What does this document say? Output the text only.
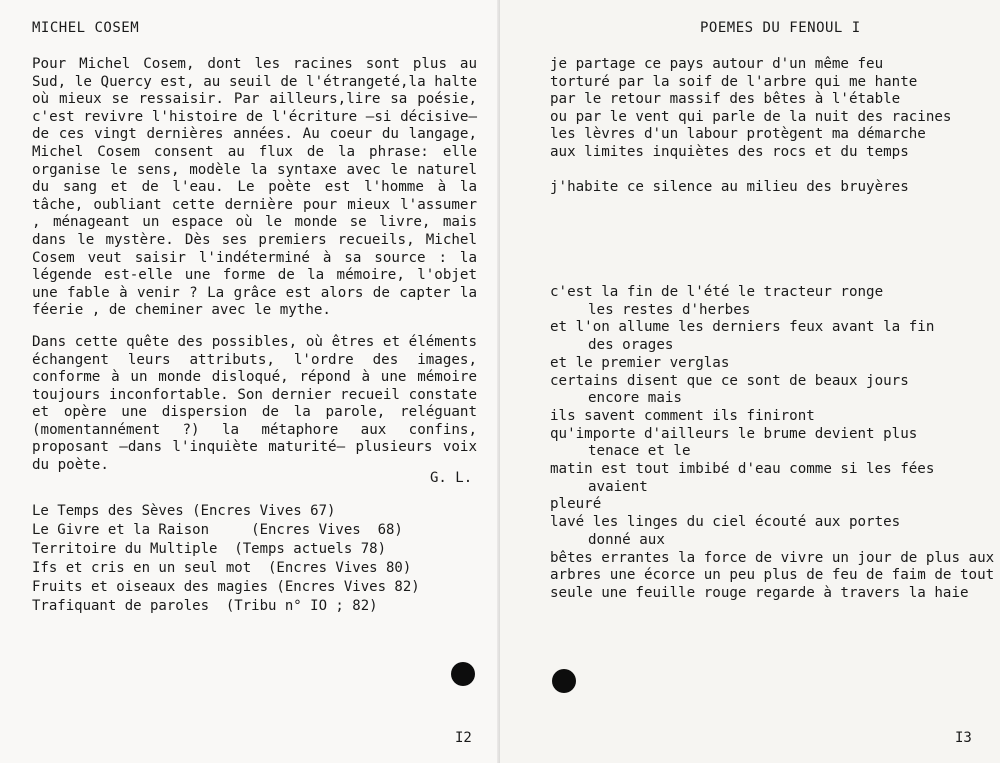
MICHEL COSEM

Pour Michel Cosem, dont les racines sont plus au Sud, le Quercy est, au seuil de l'étrangeté,la halte où mieux se ressaisir. Par ailleurs,lire sa poésie, c'est revivre l'histoire de l'écriture –si décisive– de ces vingt dernières années. Au coeur du langage, Michel Cosem consent au flux de la phrase: elle organise le sens, modèle la syntaxe avec le naturel du sang et de l'eau. Le poète est l'homme à la tâche, oubliant cette dernière pour mieux l'assumer , ménageant un espace où le monde se livre, mais dans le mystère. Dès ses premiers recueils, Michel Cosem veut saisir l'indéterminé à sa source : la légende est-elle une forme de la mémoire, l'objet une fable à venir ? La grâce est alors de capter la féerie , de cheminer avec le mythe.

Dans cette quête des possibles, où êtres et éléments échangent leurs attributs, l'ordre des images, conforme à un monde disloqué, répond à une mémoire toujours inconfortable. Son dernier recueil constate et opère une dispersion de la parole, reléguant (momentannément ?) la métaphore aux confins, proposant –dans l'inquiète maturité– plusieurs voix du poète.

G. L.
Le Temps des Sèves (Encres Vives 67)
Le Givre et la Raison     (Encres Vives  68)
Territoire du Multiple  (Temps actuels 78)
Ifs et cris en un seul mot  (Encres Vives 80)
Fruits et oiseaux des magies (Encres Vives 82)
Trafiquant de paroles  (Tribu n° IO ; 82)
I2
POEMES DU FENOUL I
je partage ce pays autour d'un même feu
torturé par la soif de l'arbre qui me hante
par le retour massif des bêtes à l'étable
ou par le vent qui parle de la nuit des racines
les lèvres d'un labour protègent ma démarche
aux limites inquiètes des rocs et du temps
j'habite ce silence au milieu des bruyères
c'est la fin de l'été le tracteur ronge
les restes d'herbes
et l'on allume les derniers feux avant la fin
des orages
et le premier verglas
certains disent que ce sont de beaux jours
encore mais
ils savent comment ils finiront
qu'importe d'ailleurs le brume devient plus
tenace et le
matin est tout imbibé d'eau comme si les fées
avaient
pleuré
lavé les linges du ciel écouté aux portes
donné aux
bêtes errantes la force de vivre un jour de plus aux
arbres une écorce un peu plus de feu de faim de tout
seule une feuille rouge regarde à travers la haie
I3
